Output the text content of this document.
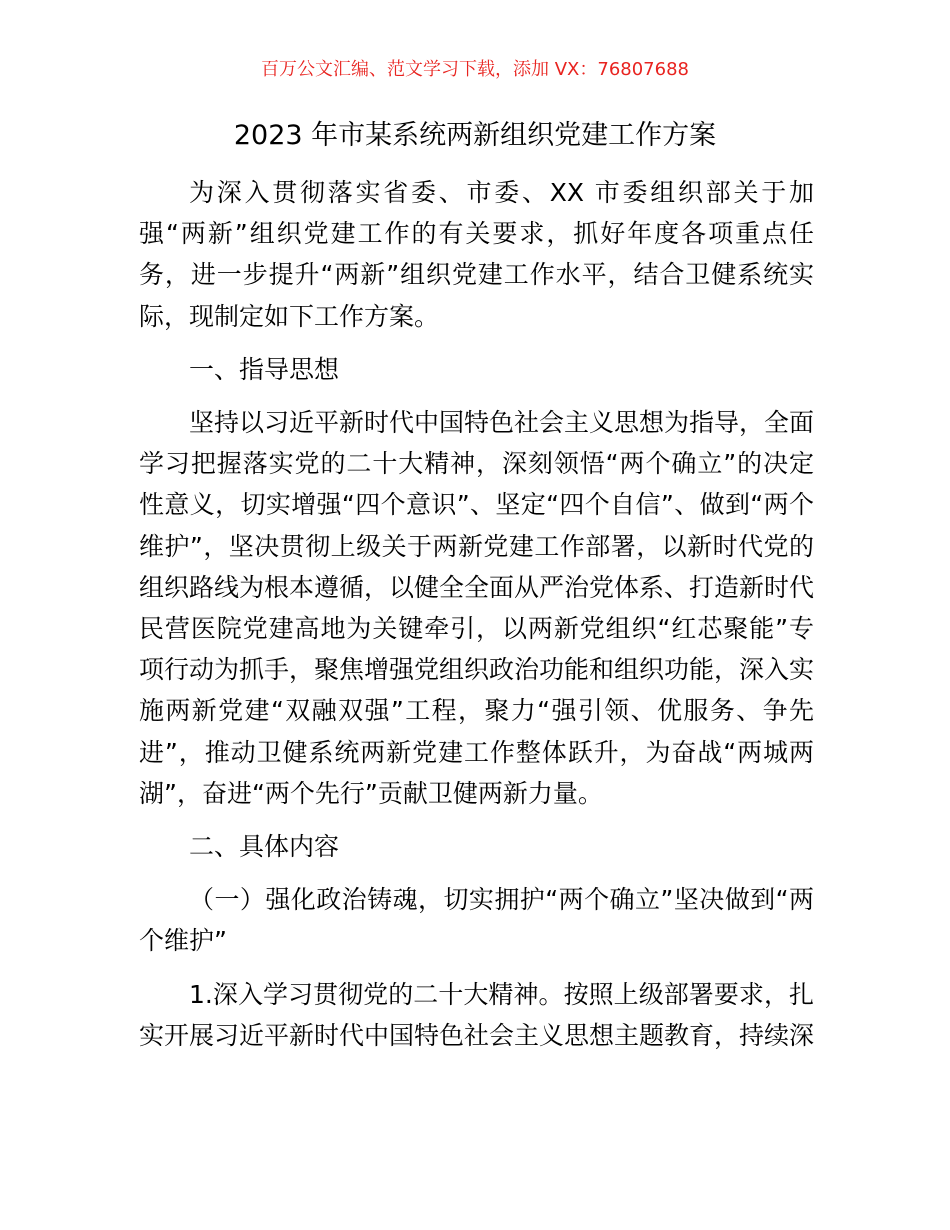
百万公文汇编、范文学习下载，添加 VX：76807688
2023 年市某系统两新组织党建工作方案

为深入贯彻落实省委、市委、XX 市委组织部关于加强“两新”组织党建工作的有关要求，抓好年度各项重点任务，进一步提升“两新”组织党建工作水平，结合卫健系统实际，现制定如下工作方案。

一、指导思想

坚持以习近平新时代中国特色社会主义思想为指导，全面学习把握落实党的二十大精神，深刻领悟“两个确立”的决定性意义，切实增强“四个意识”、坚定“四个自信”、做到“两个维护”，坚决贯彻上级关于两新党建工作部署，以新时代党的组织路线为根本遵循，以健全全面从严治党体系、打造新时代民营医院党建高地为关键牵引，以两新党组织“红芯聚能”专项行动为抓手，聚焦增强党组织政治功能和组织功能，深入实施两新党建“双融双强”工程，聚力“强引领、优服务、争先进”，推动卫健系统两新党建工作整体跃升，为奋战“两城两湖”，奋进“两个先行”贡献卫健两新力量。

二、具体内容

（一）强化政治铸魂，切实拥护“两个确立”坚决做到“两个维护”

1.深入学习贯彻党的二十大精神。按照上级部署要求，扎实开展习近平新时代中国特色社会主义思想主题教育，持续深
